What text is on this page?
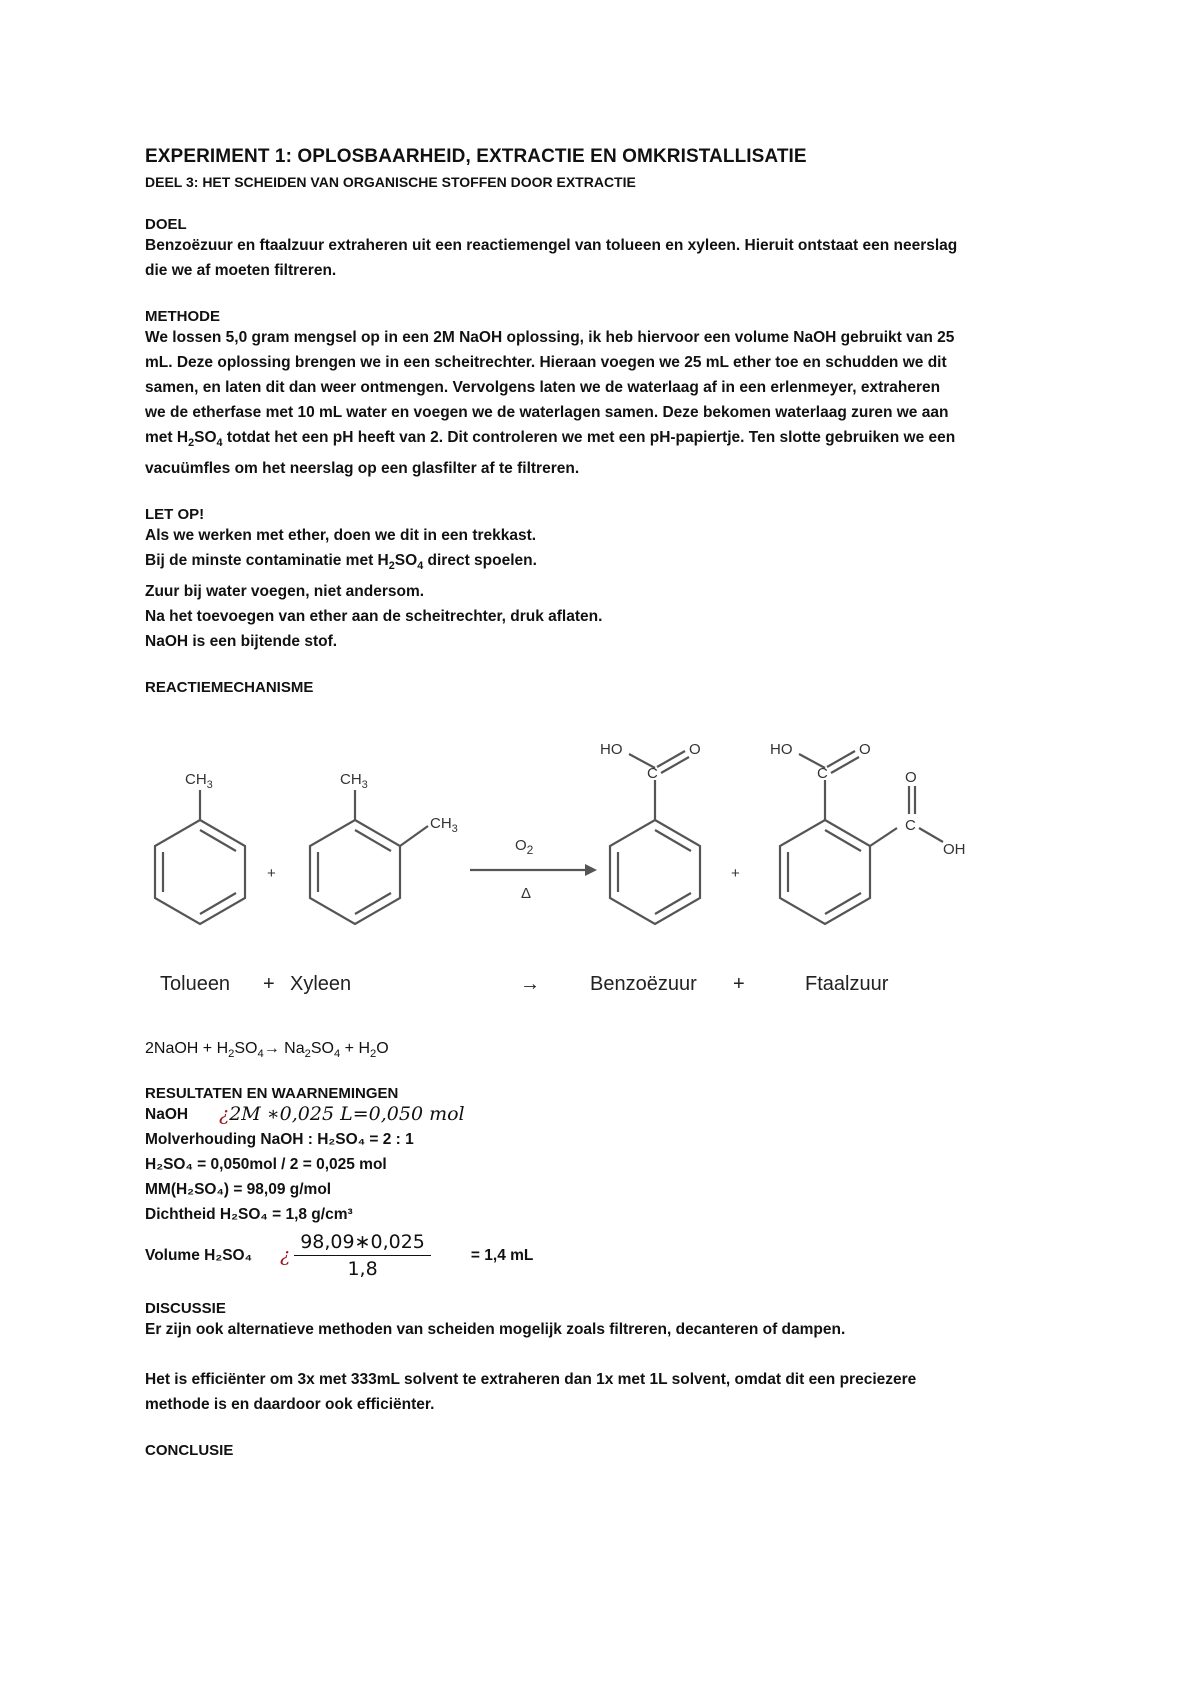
EXPERIMENT 1: OPLOSBAARHEID, EXTRACTIE EN OMKRISTALLISATIE

DEEL 3: HET SCHEIDEN VAN ORGANISCHE STOFFEN DOOR EXTRACTIE

DOEL

Benzoëzuur en ftaalzuur extraheren uit een reactiemengel van tolueen en xyleen. Hieruit ontstaat een neerslag

die we af moeten filtreren.

METHODE

We lossen 5,0 gram mengsel op in een 2M NaOH oplossing, ik heb hiervoor een volume NaOH gebruikt van 25

mL. Deze oplossing brengen we in een scheitrechter. Hieraan voegen we 25 mL ether toe en schudden we dit

samen, en laten dit dan weer ontmengen. Vervolgens laten we de waterlaag af in een erlenmeyer, extraheren

we de etherfase met 10 mL water en voegen we de waterlagen samen. Deze bekomen waterlaag zuren we aan

met $H_2SO_4$ totdat het een pH heeft van 2. Dit controleren we met een pH-papiertje. Ten slotte gebruiken we een

vacuümfles om het neerslag op een glasfilter af te filtreren.

LET OP!

Als we werken met ether, doen we dit in een trekkast.

Bij de minste contaminatie met $H_2SO_4$ direct spoelen.

Zuur bij water voegen, niet andersom.

Na het toevoegen van ether aan de scheitrechter, druk aflaten.

NaOH is een bijtende stof.

REACTIEMECHANISME

$CH_3$	$CH_3$
$CH_3$
+
$O_2$
Δ
HO
C
O
+
HO
C
O
O
C
OH
Tolueen + Xyleen	→	Benzoëzuur +	Ftaalzuur

2NaOH + $H_2SO_4\to Na_2SO_4 + H_2O$

RESULTATEN EN WAARNEMINGEN

NaOH	¿ 2M ∗0,025 L=0,050 mol

Molverhouding NaOH : H₂SO₄ = 2 : 1

H₂SO₄ = 0,050mol / 2 = 0,025 mol

MM(H₂SO₄) = 98,09 g/mol

Dichtheid H₂SO₄ = 1,8 g/cm³

Volume H₂SO₄	¿ $\frac{98,09∗0,025}{1,8}$	= 1,4 mL

DISCUSSIE

Er zijn ook alternatieve methoden van scheiden mogelijk zoals filtreren, decanteren of dampen.

Het is efficiënter om 3x met 333mL solvent te extraheren dan 1x met 1L solvent, omdat dit een preciezere

methode is en daardoor ook efficiënter.

CONCLUSIE
